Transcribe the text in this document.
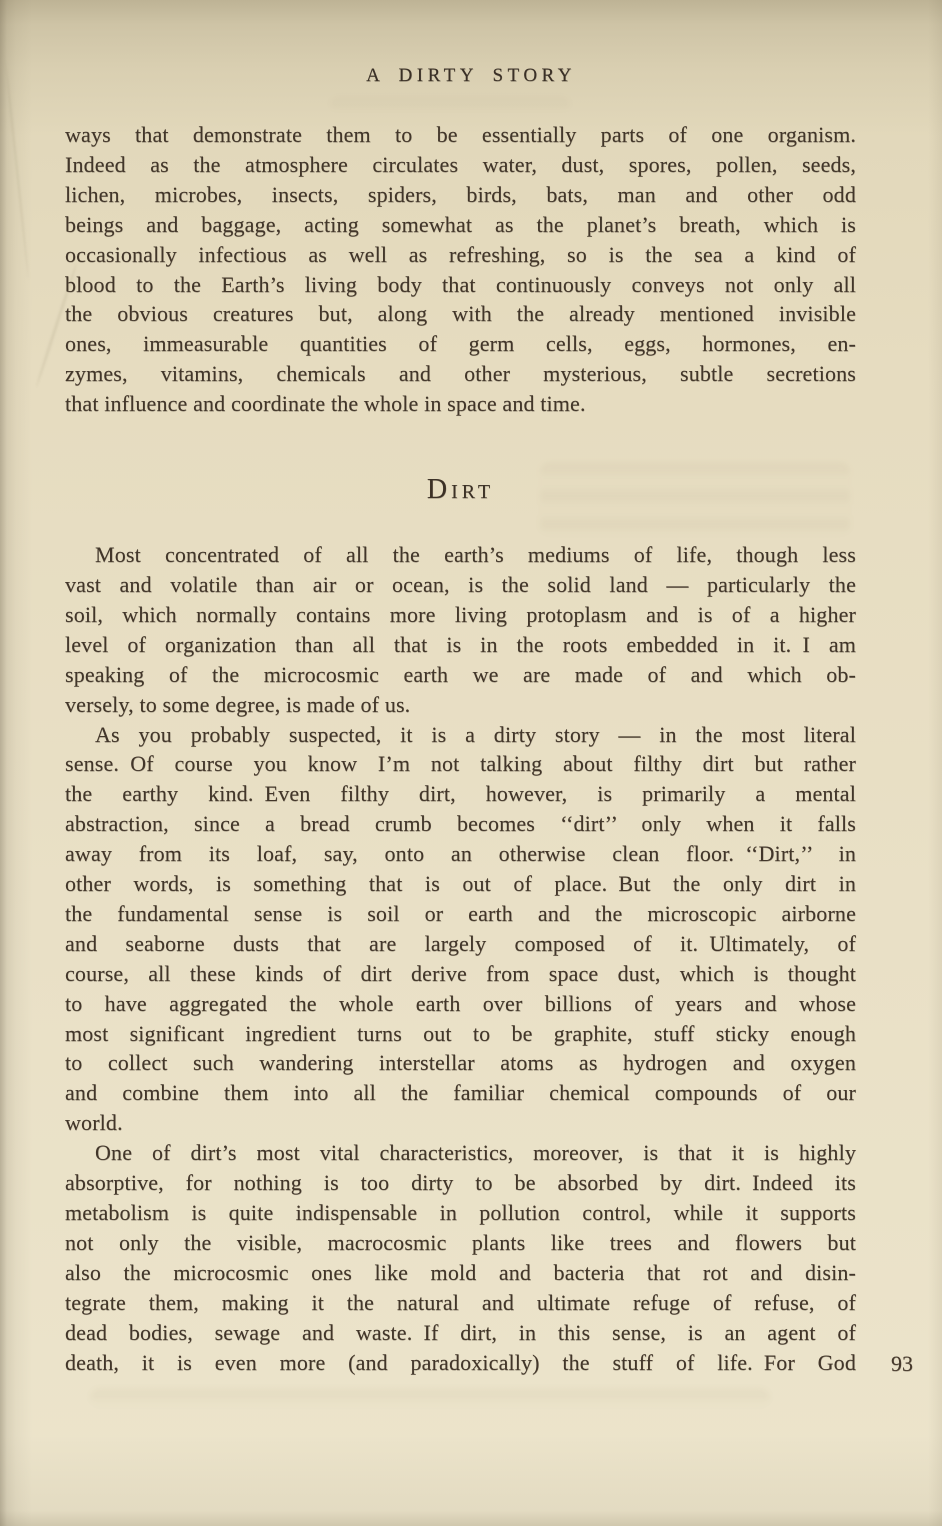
A DIRTY STORY
ways that demonstrate them to be essentially parts of one organism.
Indeed as the atmosphere circulates water, dust, spores, pollen, seeds,
lichen, microbes, insects, spiders, birds, bats, man and other odd
beings and baggage, acting somewhat as the planet’s breath, which is
occasionally infectious as well as refreshing, so is the sea a kind of
blood to the Earth’s living body that continuously conveys not only all
the obvious creatures but, along with the already mentioned invisible
ones, immeasurable quantities of germ cells, eggs, hormones, en-
zymes, vitamins, chemicals and other mysterious, subtle secretions
that influence and coordinate the whole in space and time.
Dirt
Most concentrated of all the earth’s mediums of life, though less
vast and volatile than air or ocean, is the solid land — particularly the
soil, which normally contains more living protoplasm and is of a higher
level of organization than all that is in the roots embedded in it. I am
speaking of the microcosmic earth we are made of and which ob-
versely, to some degree, is made of us.
As you probably suspected, it is a dirty story — in the most literal
sense. Of course you know I’m not talking about filthy dirt but rather
the earthy kind. Even filthy dirt, however, is primarily a mental
abstraction, since a bread crumb becomes ‘‘dirt’’ only when it falls
away from its loaf, say, onto an otherwise clean floor. ‘‘Dirt,’’ in
other words, is something that is out of place. But the only dirt in
the fundamental sense is soil or earth and the microscopic airborne
and seaborne dusts that are largely composed of it. Ultimately, of
course, all these kinds of dirt derive from space dust, which is thought
to have aggregated the whole earth over billions of years and whose
most significant ingredient turns out to be graphite, stuff sticky enough
to collect such wandering interstellar atoms as hydrogen and oxygen
and combine them into all the familiar chemical compounds of our
world.
One of dirt’s most vital characteristics, moreover, is that it is highly
absorptive, for nothing is too dirty to be absorbed by dirt. Indeed its
metabolism is quite indispensable in pollution control, while it supports
not only the visible, macrocosmic plants like trees and flowers but
also the microcosmic ones like mold and bacteria that rot and disin-
tegrate them, making it the natural and ultimate refuge of refuse, of
dead bodies, sewage and waste. If dirt, in this sense, is an agent of
death, it is even more (and paradoxically) the stuff of life. For God 93
